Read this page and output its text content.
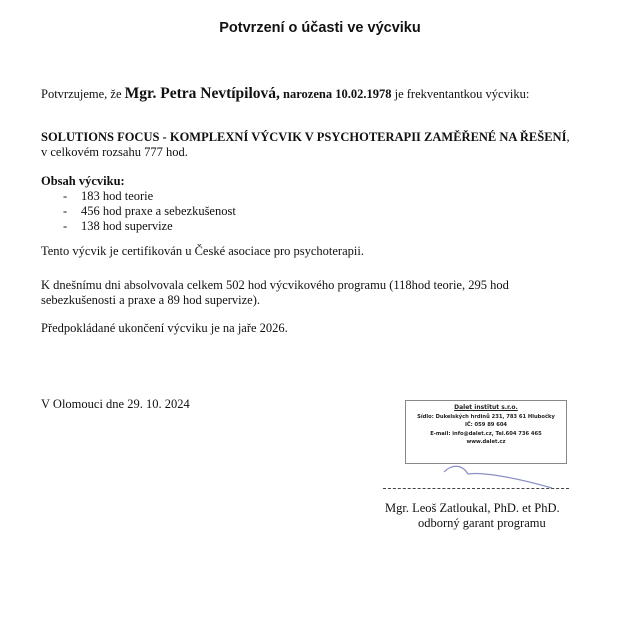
Potvrzení o účasti ve výcviku
Potvrzujeme, že Mgr. Petra Nevtípilová, narozena 10.02.1978 je frekventantkou výcviku:
SOLUTIONS FOCUS - KOMPLEXNÍ VÝCVIK V PSYCHOTERAPII ZAMĚŘENÉ NA ŘEŠENÍ,
v celkovém rozsahu 777 hod.
Obsah výcviku:
-	183 hod teorie
-	456 hod praxe a sebezkušenost
-	138 hod supervize
Tento výcvik je certifikován u České asociace pro psychoterapii.
K dnešnímu dni absolvovala celkem 502 hod výcvikového programu (118hod teorie, 295 hod
sebezkušenosti a praxe a 89 hod supervize).
Předpokládané ukončení výcviku je na jaře 2026.
V Olomouci dne 29. 10. 2024	Dalet institut s.r.o.
Sídlo: Dukelských hrdinů 231, 783 61 Hlubočky
IČ: 059 89 604
E-mail: info@dalet.cz, Tel.604 736 465
www.dalet.cz
Mgr. Leoš Zatloukal, PhD. et PhD.
odborný garant programu
